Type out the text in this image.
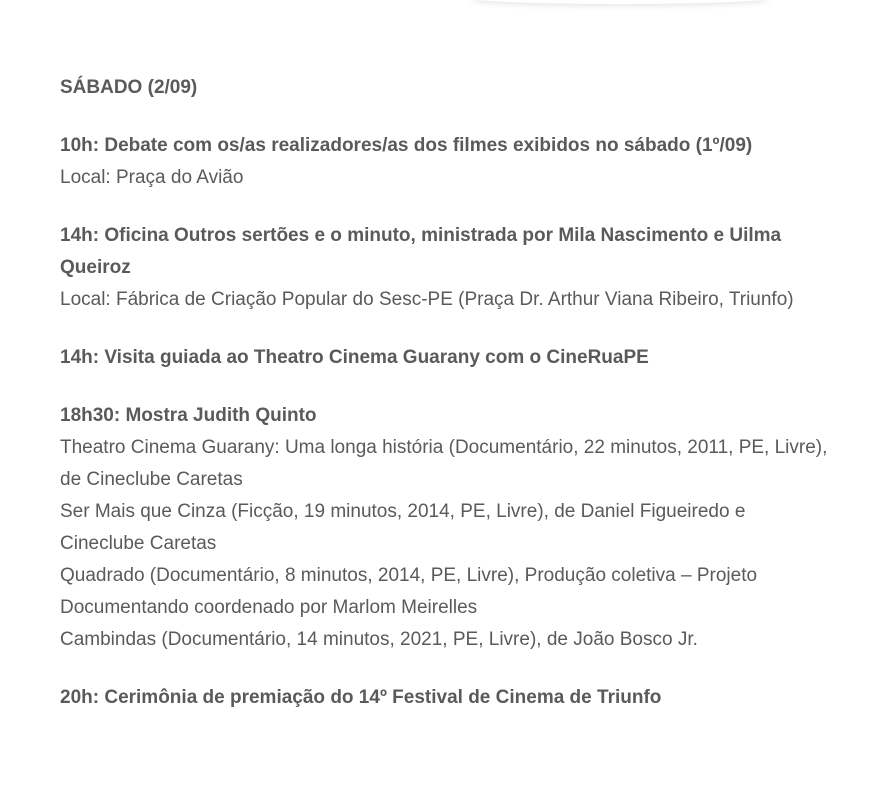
SÁBADO (2/09)

10h: Debate com os/as realizadores/as dos filmes exibidos no sábado (1º/09)
Local: Praça do Avião
14h: Oficina Outros sertões e o minuto, ministrada por Mila Nascimento e Uilma Queiroz
Local: Fábrica de Criação Popular do Sesc-PE (Praça Dr. Arthur Viana Ribeiro, Triunfo)
14h: Visita guiada ao Theatro Cinema Guarany com o CineRuaPE
18h30: Mostra Judith Quinto
Theatro Cinema Guarany: Uma longa história (Documentário, 22 minutos, 2011, PE, Livre), de Cineclube Caretas
Ser Mais que Cinza (Ficção, 19 minutos, 2014, PE, Livre), de Daniel Figueiredo e Cineclube Caretas
Quadrado (Documentário, 8 minutos, 2014, PE, Livre), Produção coletiva – Projeto Documentando coordenado por Marlom Meirelles
Cambindas (Documentário, 14 minutos, 2021, PE, Livre), de João Bosco Jr.
20h: Cerimônia de premiação do 14º Festival de Cinema de Triunfo
